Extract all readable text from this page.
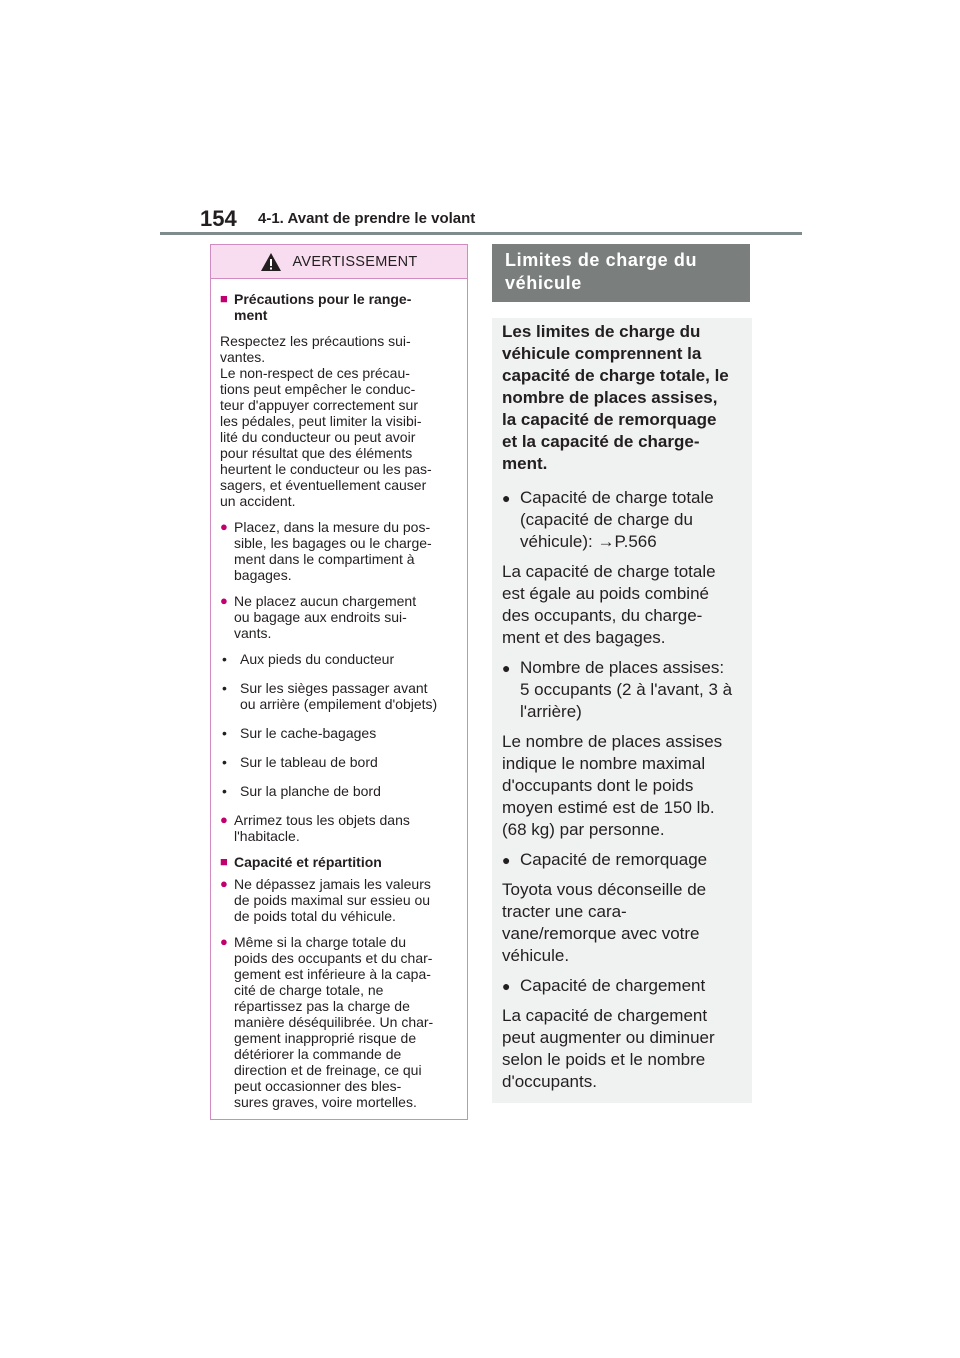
154 4-1. Avant de prendre le volant
AVERTISSEMENT
■ Précautions pour le range-
ment
Respectez les précautions sui-
vantes.
Le non-respect de ces précau-
tions peut empêcher le conduc-
teur d'appuyer correctement sur
les pédales, peut limiter la visibi-
lité du conducteur ou peut avoir
pour résultat que des éléments
heurtent le conducteur ou les pas-
sagers, et éventuellement causer
un accident.
● Placez, dans la mesure du pos-
sible, les bagages ou le charge-
ment dans le compartiment à
bagages.
● Ne placez aucun chargement
ou bagage aux endroits sui-
vants.
• Aux pieds du conducteur
• Sur les sièges passager avant
ou arrière (empilement d'objets)
• Sur le cache-bagages
• Sur le tableau de bord
• Sur la planche de bord
● Arrimez tous les objets dans
l'habitacle.
■ Capacité et répartition
● Ne dépassez jamais les valeurs
de poids maximal sur essieu ou
de poids total du véhicule.
● Même si la charge totale du
poids des occupants et du char-
gement est inférieure à la capa-
cité de charge totale, ne
répartissez pas la charge de
manière déséquilibrée. Un char-
gement inapproprié risque de
détériorer la commande de
direction et de freinage, ce qui
peut occasionner des bles-
sures graves, voire mortelles.
Limites de charge du
véhicule
Les limites de charge du
véhicule comprennent la
capacité de charge totale, le
nombre de places assises,
la capacité de remorquage
et la capacité de charge-
ment.
● Capacité de charge totale
(capacité de charge du
véhicule): →P.566
La capacité de charge totale
est égale au poids combiné
des occupants, du charge-
ment et des bagages.
● Nombre de places assises:
5 occupants (2 à l'avant, 3 à
l'arrière)
Le nombre de places assises
indique le nombre maximal
d'occupants dont le poids
moyen estimé est de 150 lb.
(68 kg) par personne.
● Capacité de remorquage
Toyota vous déconseille de
tracter une cara-
vane/remorque avec votre
véhicule.
● Capacité de chargement
La capacité de chargement
peut augmenter ou diminuer
selon le poids et le nombre
d'occupants.
